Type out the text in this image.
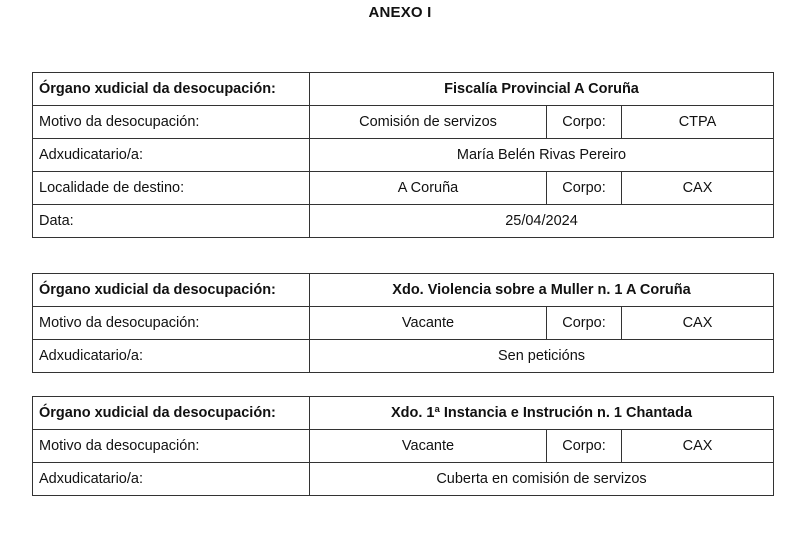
ANEXO I
Órgano xudicial da desocupación:	Fiscalía Provincial A Coruña		
Motivo da desocupación:	Comisión de servizos	Corpo:	CTPA
Adxudicatario/a:	María Belén Rivas Pereiro		
Localidade de destino:	A Coruña	Corpo:	CAX
Data:	25/04/2024		
Órgano xudicial da desocupación:	Xdo. Violencia sobre a Muller n. 1 A Coruña		
Motivo da desocupación:	Vacante	Corpo:	CAX
Adxudicatario/a:	Sen peticións		
Órgano xudicial da desocupación:	Xdo. 1ª Instancia e Instrución n. 1 Chantada		
Motivo da desocupación:	Vacante	Corpo:	CAX
Adxudicatario/a:	Cuberta en comisión de servizos		
